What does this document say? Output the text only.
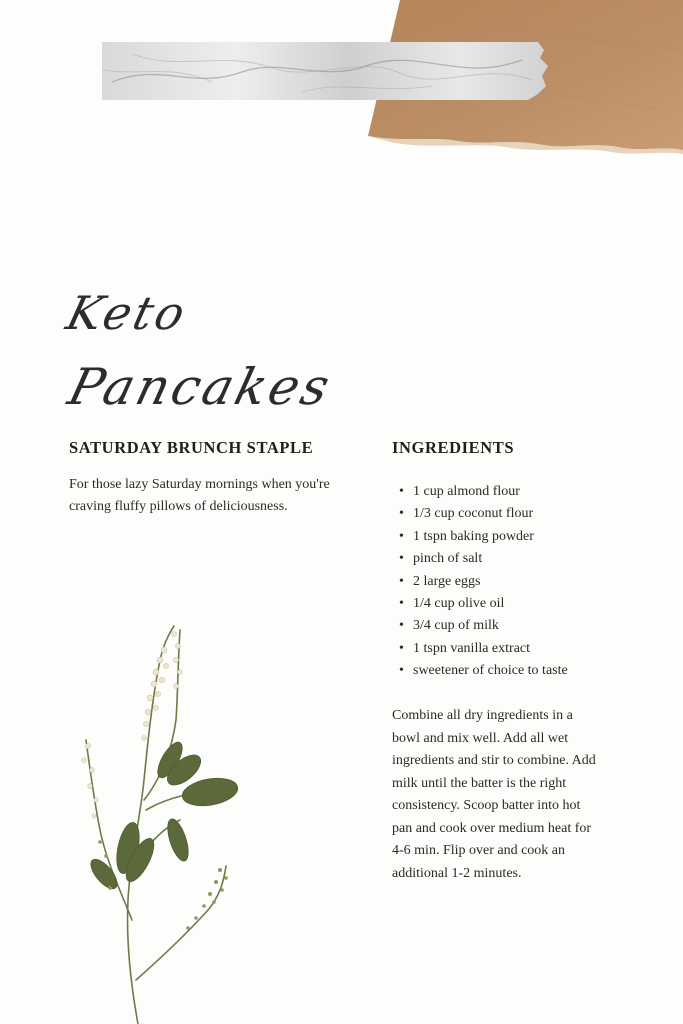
Keto
Pancakes
SATURDAY BRUNCH STAPLE
For those lazy Saturday mornings when you're craving fluffy pillows of deliciousness.
INGREDIENTS
• 1 cup almond flour
• 1/3 cup coconut flour
• 1 tspn baking powder
• pinch of salt
• 2 large eggs
• 1/4 cup olive oil
• 3/4 cup of milk
• 1 tspn vanilla extract
• sweetener of choice to taste
Combine all dry ingredients in a bowl and mix well. Add all wet ingredients and stir to combine. Add milk until the batter is the right consistency. Scoop batter into hot pan and cook over medium heat for 4-6 min. Flip over and cook an additional 1-2 minutes.
